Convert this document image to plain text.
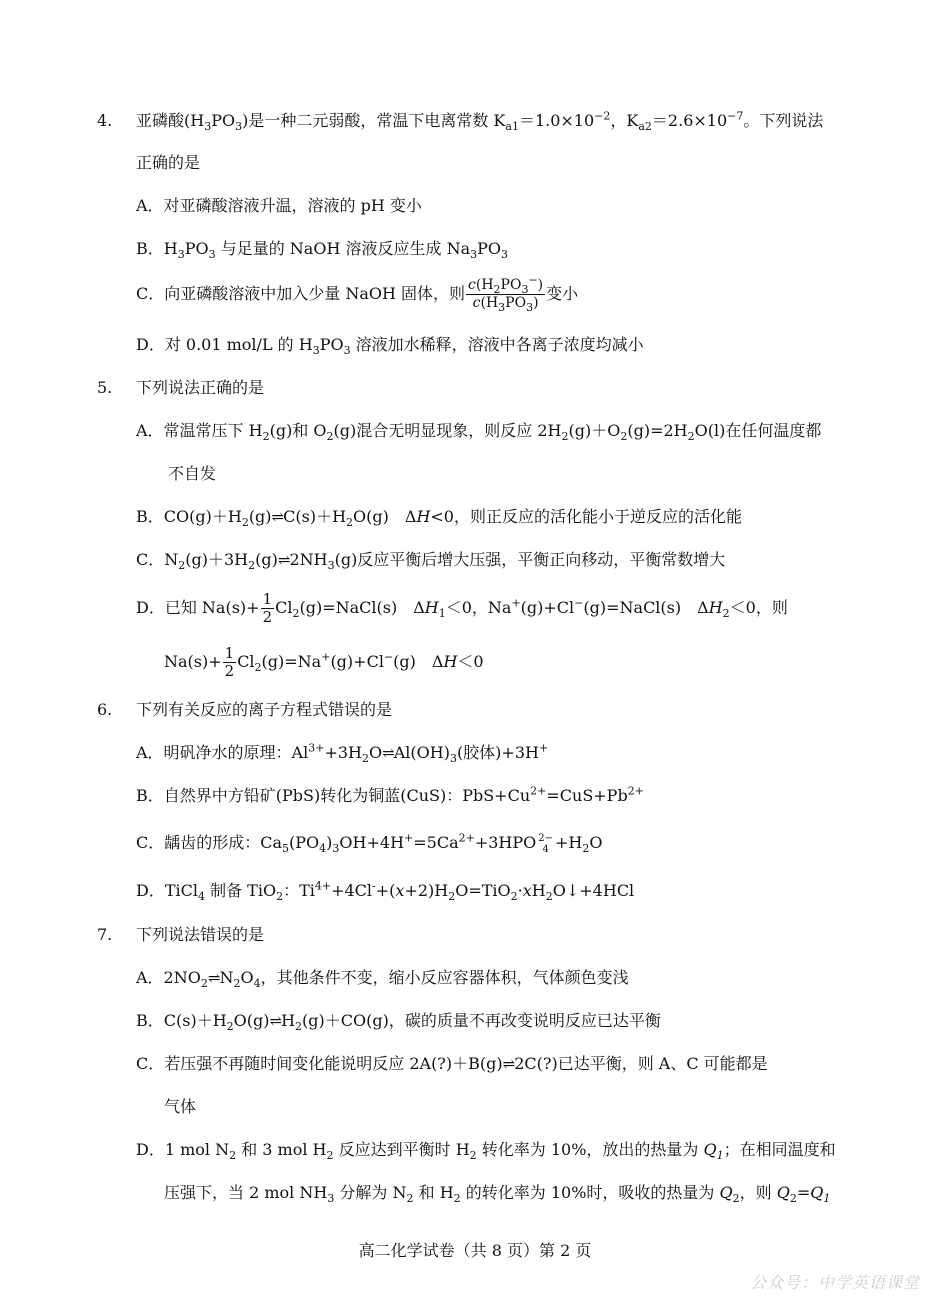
4. 亚磷酸$(H_3PO_3)$是一种二元弱酸，常温下电离常数 $K_{a1}=1.0\times 10^{-2}$，$K_{a2}=2.6\times 10^{-7}$。下列说法
正确的是
A．对亚磷酸溶液升温，溶液的 pH 变小
B．$H_3PO_3$ 与足量的 NaOH 溶液反应生成 $Na_3PO_3$
C．向亚磷酸溶液中加入少量 NaOH 固体，则 $\frac{c(H_2PO_3^-)}{c(H_3PO_3)}$ 变小
D．对 0.01 mol/L 的 $H_3PO_3$ 溶液加水稀释，溶液中各离子浓度均减小
5. 下列说法正确的是
A．常温常压下 $H_2(g)$和 $O_2(g)$混合无明显现象，则反应 $2H_2(g)+O_2(g)=2H_2O(l)$在任何温度都
不自发
B．$CO(g)+H_2(g)\rightleftharpoons C(s)+H_2O(g)$　ΔH<0，则正反应的活化能小于逆反应的活化能
C．$N_2(g)+3H_2(g)\rightleftharpoons 2NH_3(g)$反应平衡后增大压强，平衡正向移动，平衡常数增大
D．已知 $Na(s)+ \frac{1}{2}$ $Cl_2(g)=NaCl(s)$　$\Delta H_1<0$，Na+(g)+Cl−(g)=NaCl(s)　$\Delta H_2<0$，则
$Na(s)+ \frac{1}{2} Cl_2(g)=Na^+(g)+Cl^-(g)$　ΔH＜0
6. 下列有关反应的离子方程式错误的是
A．明矾净水的原理：$Al^{3+}+3H_2O\rightleftharpoons Al(OH)_3$(胶体)+3H+
B．自然界中方铅矿(PbS)转化为铜蓝(CuS)：$PbS+Cu^{2+}=CuS+Pb^{2+}$
C．龋齿的形成：$Ca_5(PO_4)_3OH+4H^+=5Ca^{2+}+3HPO$ 2−
$4 +H_2O$
D．TiCl$_4$ 制备 TiO$_2$：$Ti^{4+}+4Cl^-+(x+2)H_2O=TiO_2\cdot xH_2O↓+4HCl$
7. 下列说法错误的是
A．$2NO_2\rightleftharpoons N_2O_4$，其他条件不变，缩小反应容器体积，气体颜色变浅
B．$C(s)+H_2O(g)\rightleftharpoons H_2(g)+CO(g)$，碳的质量不再改变说明反应已达平衡
C．若压强不再随时间变化能说明反应 2A(?)＋B(g)⇌2C(?)已达平衡，则 A、C 可能都是
气体
D．1 mol $N_2$ 和 3 mol $H_2$ 反应达到平衡时 $H_2$ 转化率为 10%，放出的热量为 $Q_1$；在相同温度和
压强下，当 2 mol $NH_3$ 分解为 $N_2$ 和 $H_2$ 的转化率为 10%时，吸收的热量为 $Q_2$，则 $Q_2=Q_1$
高二化学试卷（共 8 页）第 2 页
公众号：中学英语课堂
